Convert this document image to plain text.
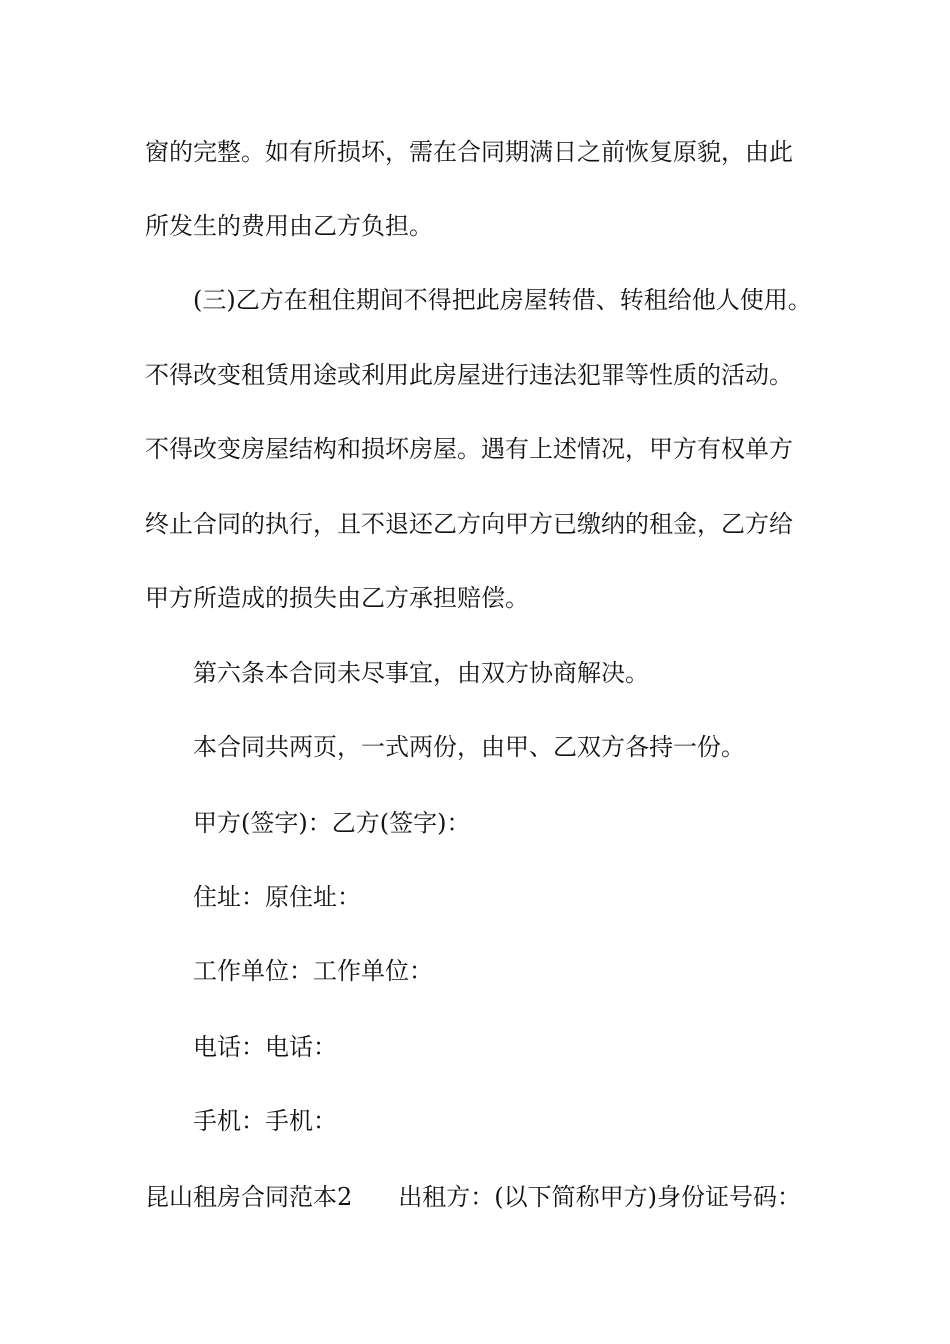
窗的完整。如有所损坏，需在合同期满日之前恢复原貌，由此
所发生的费用由乙方负担。
(三)乙方在租住期间不得把此房屋转借、转租给他人使用。
不得改变租赁用途或利用此房屋进行违法犯罪等性质的活动。
不得改变房屋结构和损坏房屋。遇有上述情况，甲方有权单方
终止合同的执行，且不退还乙方向甲方已缴纳的租金，乙方给
甲方所造成的损失由乙方承担赔偿。
第六条本合同未尽事宜，由双方协商解决。
本合同共两页，一式两份，由甲、乙双方各持一份。
甲方(签字)：乙方(签字)：
住址：原住址：
工作单位：工作单位：
电话：电话：
手机：手机：
昆山租房合同范本2 出租方：(以下简称甲方)身份证号码：
